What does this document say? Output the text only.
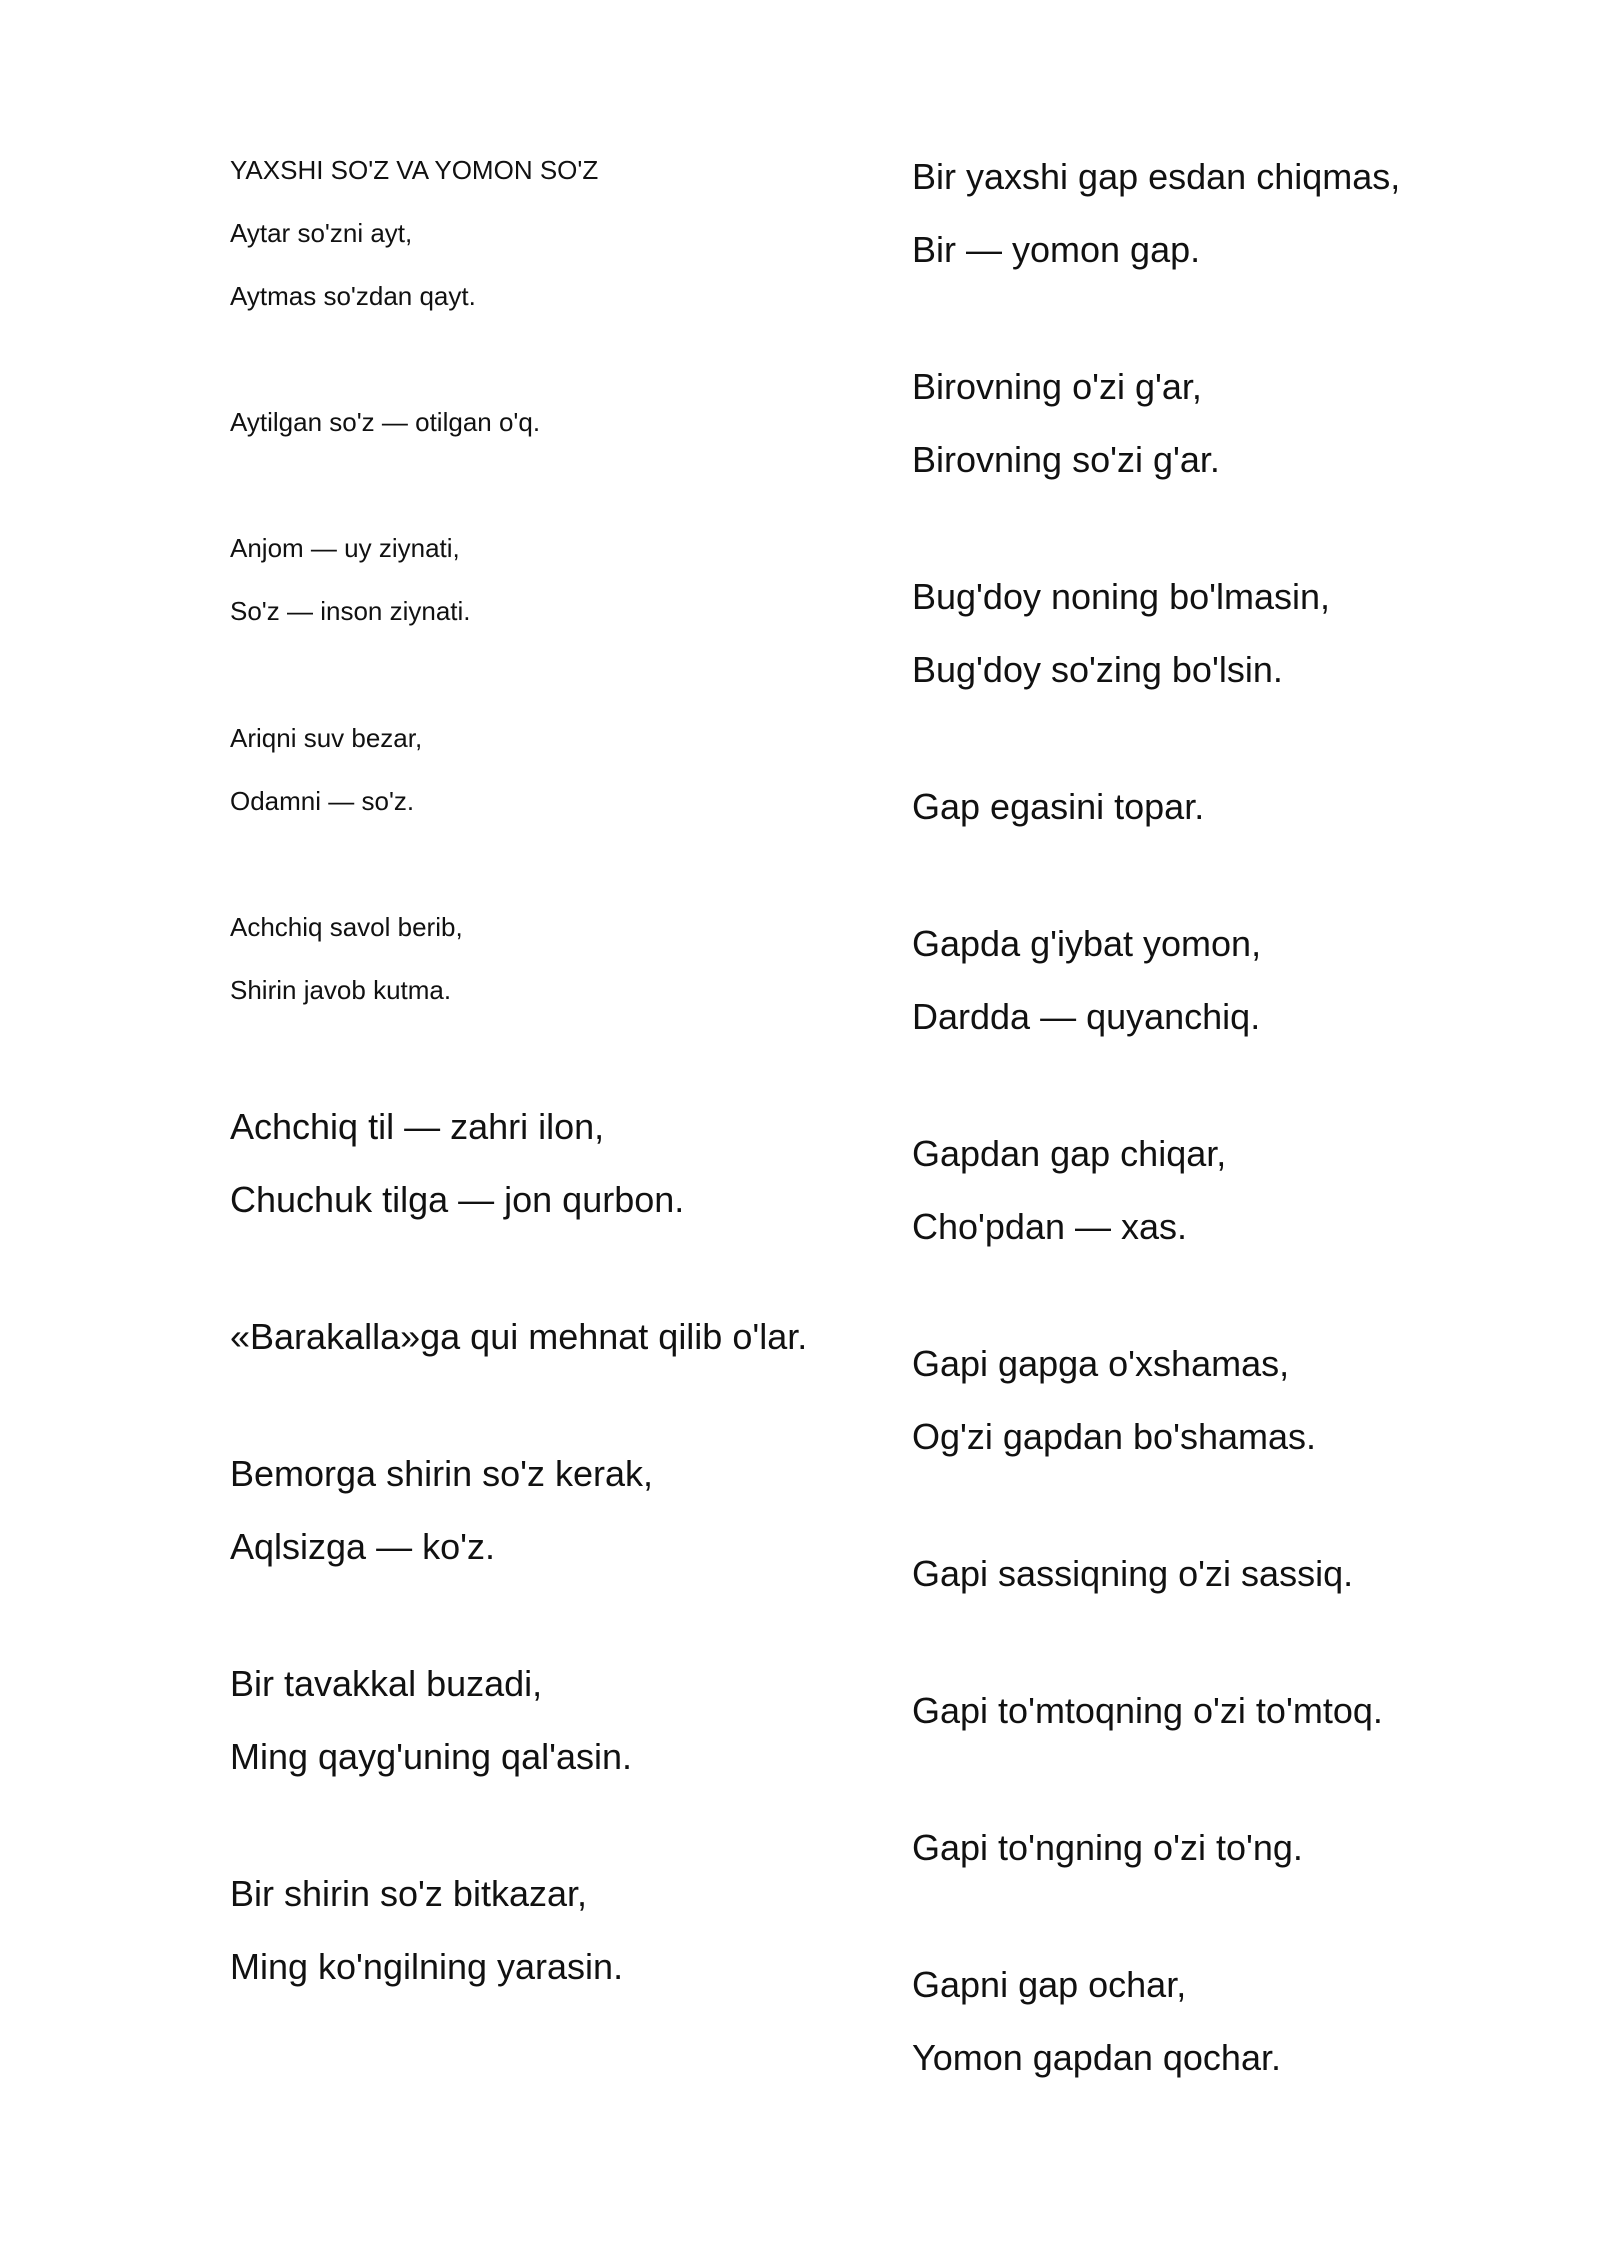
YAXSHI SO'Z VA YOMON SO'Z

Aytar so'zni ayt,

Aytmas so'zdan qayt.

Aytilgan so'z — otilgan o'q.

Anjom — uy ziynati,

So'z — inson ziynati.

Ariqni suv bezar,

Odamni — so'z.

Achchiq savol berib,

Shirin javob kutma.

Achchiq til — zahri ilon,

Chuchuk tilga — jon qurbon.

«Barakalla»ga qui mehnat qilib o'lar.

Bemorga shirin so'z kerak,

Aqlsizga — ko'z.

Bir tavakkal buzadi,

Ming qayg'uning qal'asin.

Bir shirin so'z bitkazar,

Ming ko'ngilning yarasin.

Bir yaxshi gap esdan chiqmas,

Bir — yomon gap.

Birovning o'zi g'ar,

Birovning so'zi g'ar.

Bug'doy noning bo'lmasin,

Bug'doy so'zing bo'lsin.

Gap egasini topar.

Gapda g'iybat yomon,

Dardda — quyanchiq.

Gapdan gap chiqar,

Cho'pdan — xas.

Gapi gapga o'xshamas,

Og'zi gapdan bo'shamas.

Gapi sassiqning o'zi sassiq.

Gapi to'mtoqning o'zi to'mtoq.

Gapi to'ngning o'zi to'ng.

Gapni gap ochar,

Yomon gapdan qochar.
